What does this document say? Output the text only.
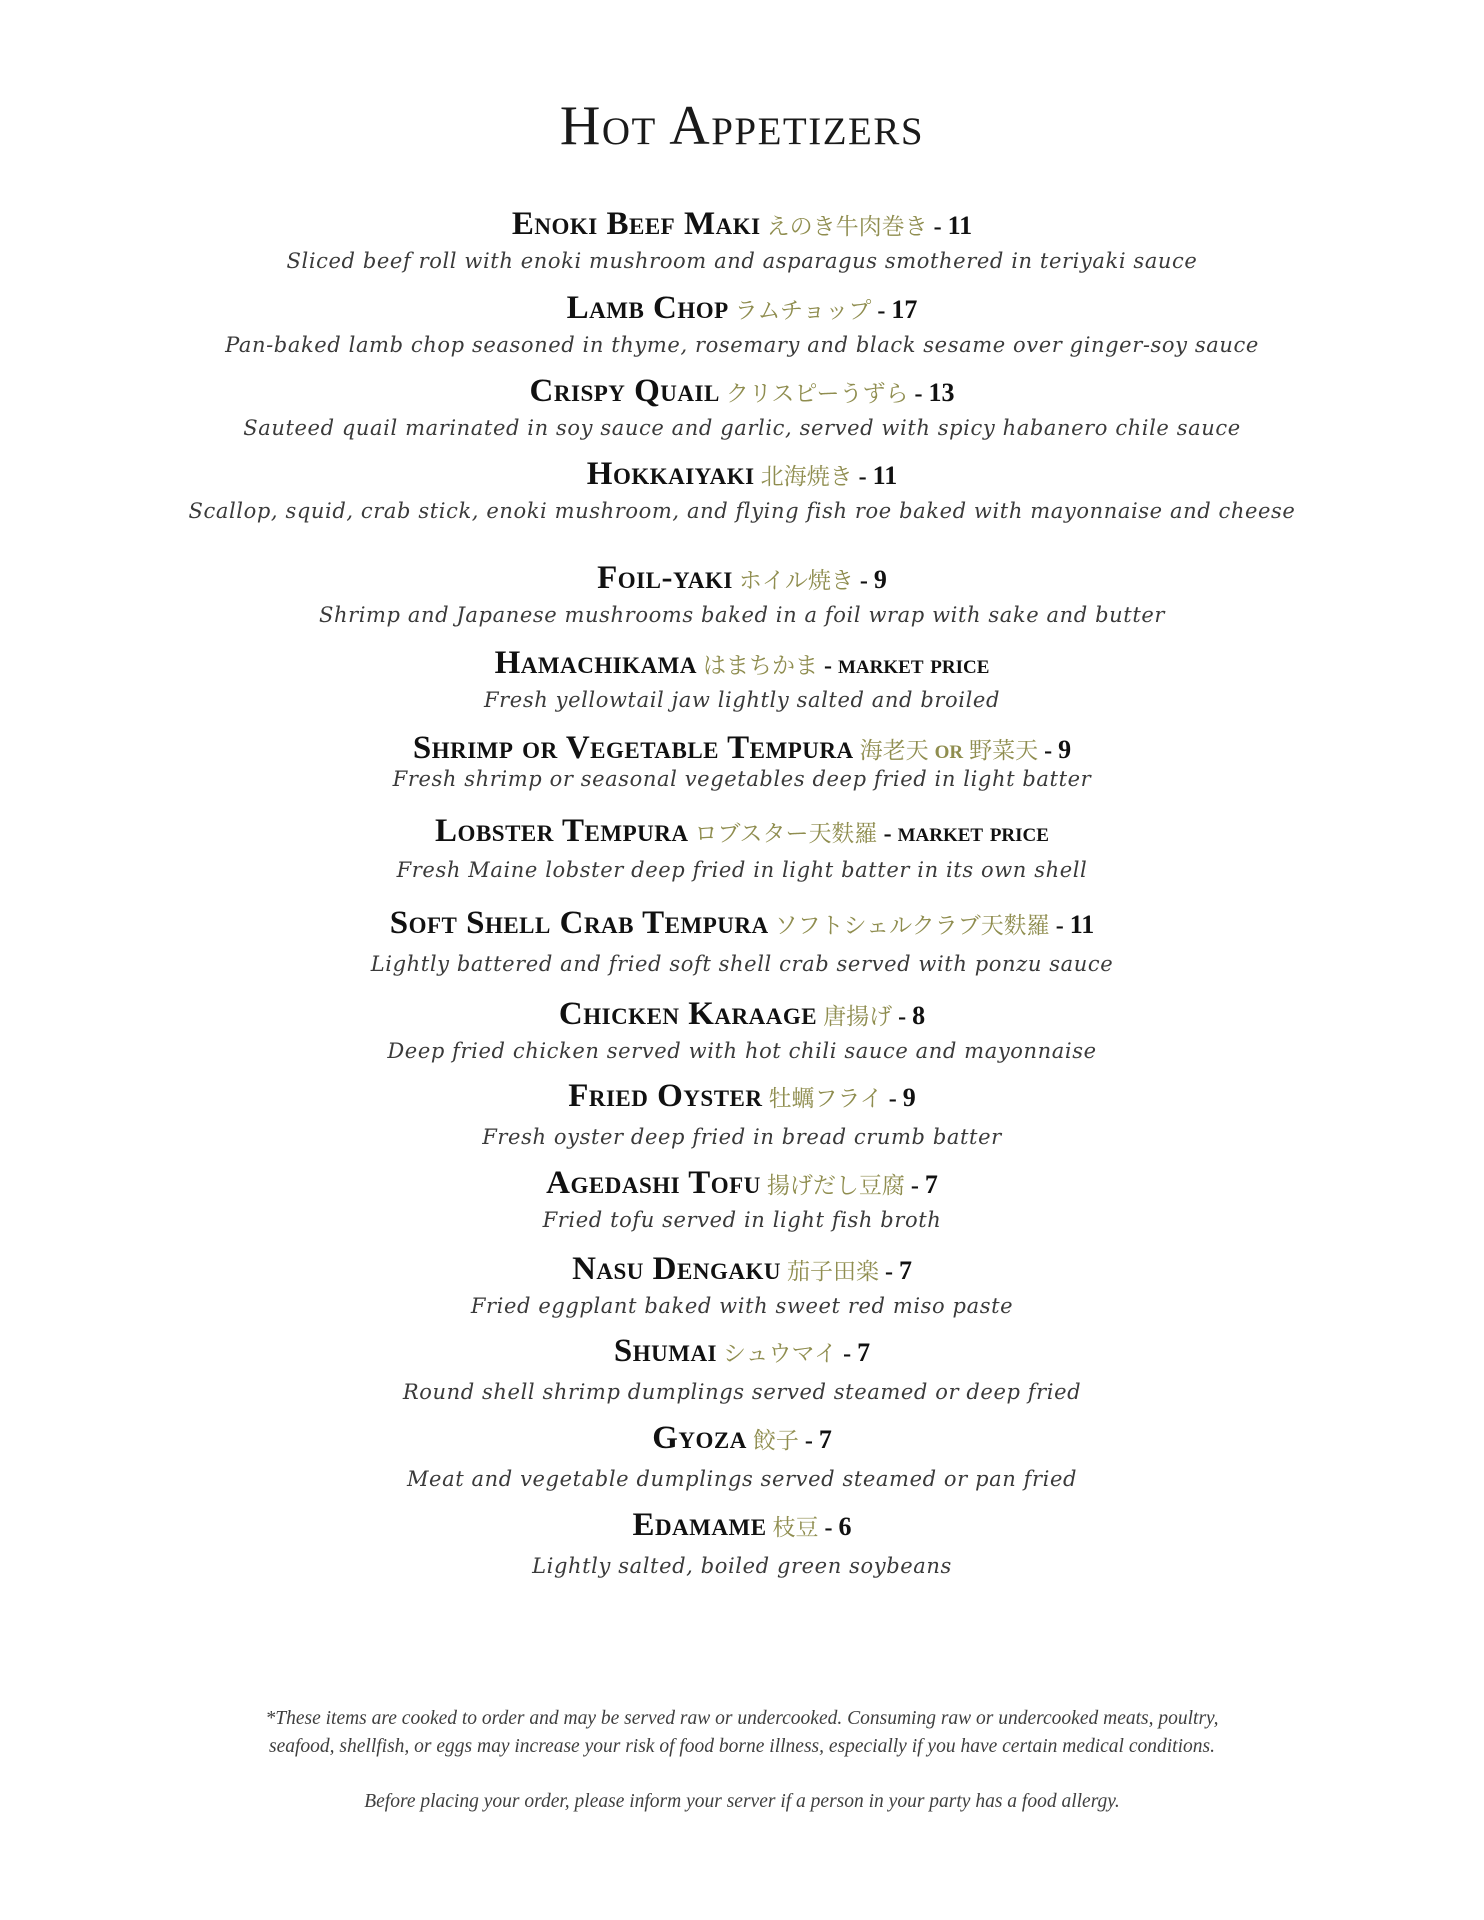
Hot Appetizers
Enoki Beef Maki えのき牛肉巻き - 11
Sliced beef roll with enoki mushroom and asparagus smothered in teriyaki sauce
Lamb Chop ラムチョップ - 17
Pan-baked lamb chop seasoned in thyme, rosemary and black sesame over ginger-soy sauce
Crispy Quail クリスピーうずら - 13
Sauteed quail marinated in soy sauce and garlic, served with spicy habanero chile sauce
Hokkaiyaki 北海焼き - 11
Scallop, squid, crab stick, enoki mushroom, and flying fish roe baked with mayonnaise and cheese
Foil-yaki ホイル焼き - 9
Shrimp and Japanese mushrooms baked in a foil wrap with sake and butter
Hamachikama はまちかま - market price
Fresh yellowtail jaw lightly salted and broiled
Shrimp or Vegetable Tempura 海老天 or 野菜天 - 9
Fresh shrimp or seasonal vegetables deep fried in light batter
Lobster Tempura ロブスター天麩羅 - market price
Fresh Maine lobster deep fried in light batter in its own shell
Soft Shell Crab Tempura ソフトシェルクラブ天麩羅 - 11
Lightly battered and fried soft shell crab served with ponzu sauce
Chicken Karaage 唐揚げ - 8
Deep fried chicken served with hot chili sauce and mayonnaise
Fried Oyster 牡蠣フライ - 9
Fresh oyster deep fried in bread crumb batter
Agedashi Tofu 揚げだし豆腐 - 7
Fried tofu served in light fish broth
Nasu Dengaku 茄子田楽 - 7
Fried eggplant baked with sweet red miso paste
Shumai シュウマイ - 7
Round shell shrimp dumplings served steamed or deep fried
Gyoza 餃子 - 7
Meat and vegetable dumplings served steamed or pan fried
Edamame 枝豆 - 6
Lightly salted, boiled green soybeans
*These items are cooked to order and may be served raw or undercooked. Consuming raw or undercooked meats, poultry,
seafood, shellfish, or eggs may increase your risk of food borne illness, especially if you have certain medical conditions.
Before placing your order, please inform your server if a person in your party has a food allergy.
